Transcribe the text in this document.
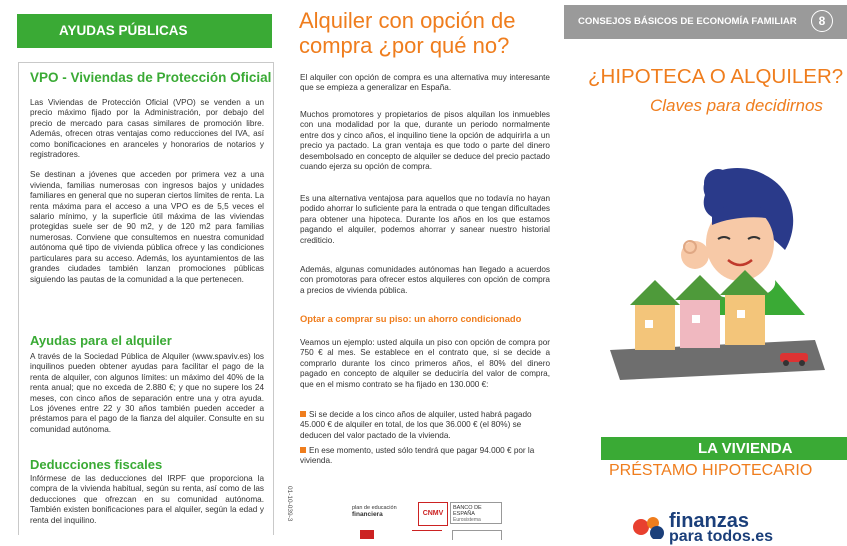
AYUDAS PÚBLICAS
VPO - Viviendas de Protección Oficial

Las Viviendas de Protección Oficial (VPO) se venden a un precio máximo fijado por la Administración, por debajo del precio de mercado para casas similares de promoción libre. Además, ofrecen otras ventajas como reducciones del IVA, así como bonificaciones en aranceles y honorarios de notarios y registradores.

Se destinan a jóvenes que acceden por primera vez a una vivienda, familias numerosas con ingresos bajos y unidades familiares en general que no superan ciertos límites de renta. La renta máxima para el acceso a una VPO es de 5,5 veces el salario mínimo, y la superficie útil máxima de las viviendas protegidas suele ser de 90 m2, y de 120 m2 para familias numerosas. Conviene que consultemos en nuestra comunidad autónoma qué tipo de vivienda pública ofrece y las condiciones particulares para su acceso. Además, los ayuntamientos de las grandes ciudades también lanzan promociones públicas siguiendo las pautas de la comunidad a la que pertenecen.

Ayudas para el alquiler

A través de la Sociedad Pública de Alquiler (www.spaviv.es) los inquilinos pueden obtener ayudas para facilitar el pago de la renta de alquiler, con algunos límites: un máximo del 40% de la renta anual; que no exceda de 2.880 €; y que no supere los 24 meses, con cinco años de separación entre una y otra ayuda. Los jóvenes entre 22 y 30 años también pueden acceder a préstamos para el pago de la fianza del alquiler. Consulte en su comunidad autónoma.

Deducciones fiscales

Infórmese de las deducciones del IRPF que proporciona la compra de la vivienda habitual, según su renta, así como de las deducciones que ofrezcan en su comunidad autónoma. También existen bonificaciones para el alquiler, según la edad y renta del inquilino.

Alquiler con opción de compra ¿por qué no?

El alquiler con opción de compra es una alternativa muy interesante que se empieza a generalizar en España.

Muchos promotores y propietarios de pisos alquilan los inmuebles con una modalidad por la que, durante un periodo normalmente entre dos y cinco años, el inquilino tiene la opción de adquirirla a un precio ya pactado. La gran ventaja es que todo o parte del dinero desembolsado en concepto de alquiler se deduce del precio pactado cuando ejerza su opción de compra.

Es una alternativa ventajosa para aquellos que no todavía no hayan podido ahorrar lo suficiente para la entrada o que tengan dificultades para obtener una hipoteca. Durante los años en los que estamos pagando el alquiler, podemos ahorrar y sanear nuestro historial crediticio.

Además, algunas comunidades autónomas han llegado a acuerdos con promotoras para ofrecer estos alquileres con opción de compra a precios de vivienda pública.

Optar a comprar su piso: un ahorro condicionado

Veamos un ejemplo: usted alquila un piso con opción de compra por 750 € al mes. Se establece en el contrato que, si se decide a comprarlo durante los cinco primeros años, el 80% del dinero pagado en concepto de alquiler se deduciría del valor de compra, que en el mismo contrato se ha fijado en 130.000 €:

Si se decide a los cinco años de alquiler, usted habrá pagado 45.000 € de alquiler en total, de los que 36.000 € (el 80%) se deducen del valor pactado de la vivienda.
En ese momento, usted sólo tendrá que pagar 94.000 € por la vivienda.
01-10-039-3	plan de educación
financiera	CNMV
BANCO DE ESPAÑA
Eurosistema
CONSEJOS BÁSICOS DE ECONOMÍA FAMILIAR	8
¿HIPOTECA O ALQUILER?
Claves para decidirnos
LA VIVIENDA
PRÉSTAMO HIPOTECARIO
finanzas
para todos.es
